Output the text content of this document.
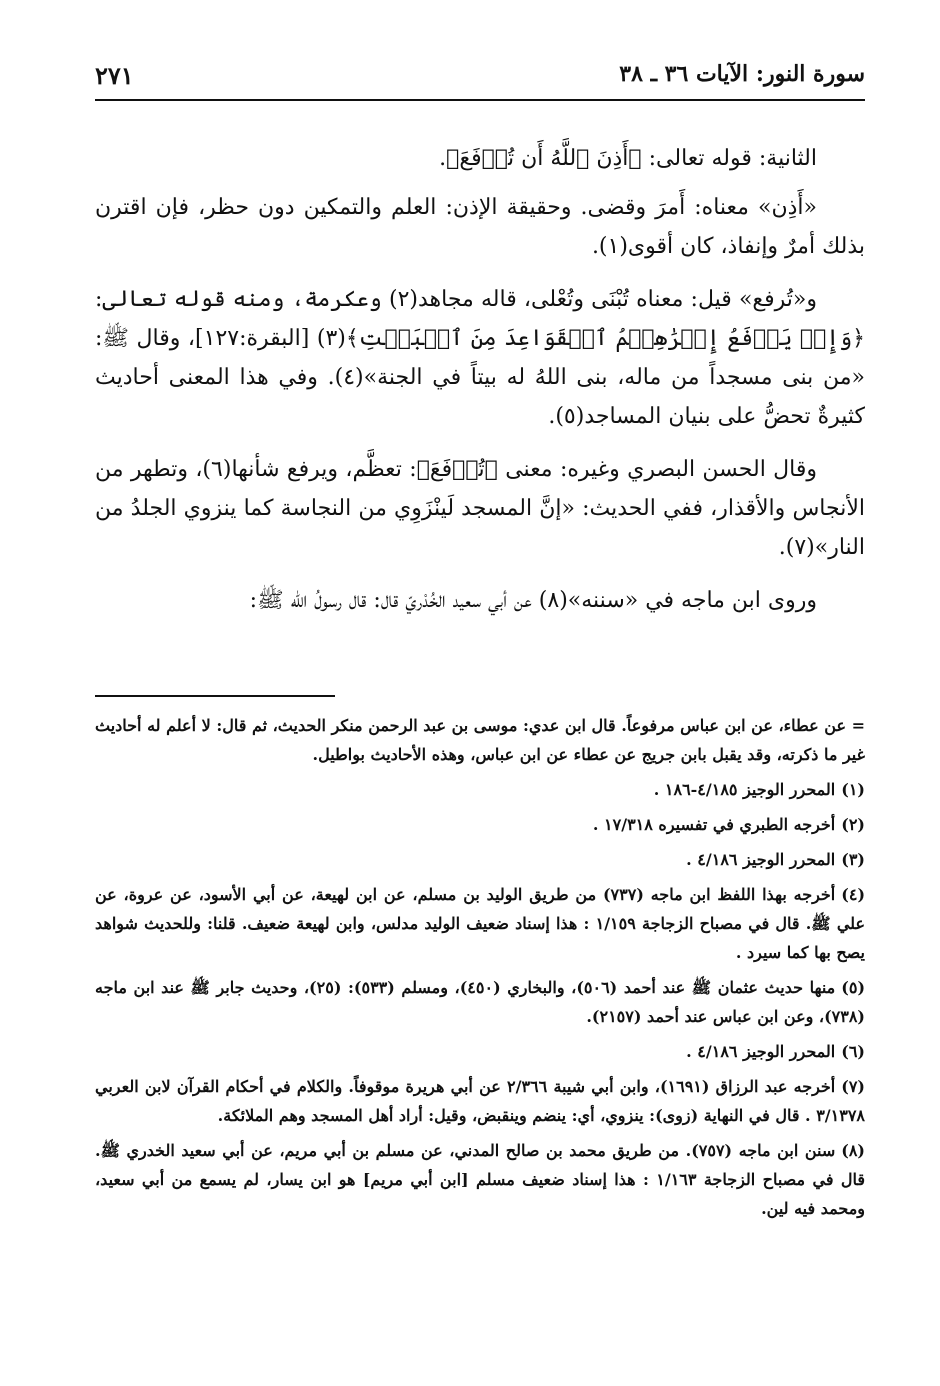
سورة النور: الآيات ٣٦ ـ ٣٨
٢٧١

الثانية: قوله تعالى: ﴿أَذِنَ ٱللَّهُ أَن تُرۡفَعَ﴾.

«أَذِن» معناه: أَمرَ وقضى. وحقيقة الإذن: العلم والتمكين دون حظر، فإن اقترن بذلك أمرٌ وإنفاذ، كان أقوى(١).

و«تُرفع» قيل: معناه تُبْنَى وتُعْلى، قاله مجاهد(٢) وعكرمة، ومنه قوله تعالى: ﴿وَإِذۡ يَرۡفَعُ إِبۡرَٰهِـۧمُ ٱلۡقَوَاعِدَ مِنَ ٱلۡبَيۡتِ﴾(٣) [البقرة:١٢٧]، وقال ﷺ: «من بنى مسجداً من ماله، بنى اللهُ له بيتاً في الجنة»(٤). وفي هذا المعنى أحاديث كثيرةٌ تحضُّ على بنيان المساجد(٥).

وقال الحسن البصري وغيره: معنى ﴿تُرۡفَعَ﴾: تعظَّم، ويرفع شأنها(٦)، وتطهر من الأنجاس والأقذار، ففي الحديث: «إنَّ المسجد لَينْزَوِي من النجاسة كما ينزوي الجلدُ من النار»(٧).

وروى ابن ماجه في «سننه»(٨) عن أبي سعيد الخُدْريّ قال: قال رسولُ الله ﷺ:

= عن عطاء، عن ابن عباس مرفوعاً. قال ابن عدي: موسى بن عبد الرحمن منكر الحديث، ثم قال: لا أعلم له أحاديث غير ما ذكرته، وقد يقبل بابن جريج عن عطاء عن ابن عباس، وهذه الأحاديث بواطيل.

(١)المحرر الوجيز ٤/١٨٥-١٨٦ .

(٢)أخرجه الطبري في تفسيره ١٧/٣١٨ .

(٣)المحرر الوجيز ٤/١٨٦ .

(٤)أخرجه بهذا اللفظ ابن ماجه (٧٣٧) من طريق الوليد بن مسلم، عن ابن لهيعة، عن أبي الأسود، عن عروة، عن علي ﷺ. قال في مصباح الزجاجة ١/١٥٩ : هذا إسناد ضعيف الوليد مدلس، وابن لهيعة ضعيف. قلنا: وللحديث شواهد يصح بها كما سيرد .

(٥)منها حديث عثمان ﷺ عند أحمد (٥٠٦)، والبخاري (٤٥٠)، ومسلم (٥٣٣): (٢٥)، وحديث جابر ﷺ عند ابن ماجه (٧٣٨)، وعن ابن عباس عند أحمد (٢١٥٧).

(٦)المحرر الوجيز ٤/١٨٦ .

(٧)أخرجه عبد الرزاق (١٦٩١)، وابن أبي شيبة ٢/٣٦٦ عن أبي هريرة موقوفاً. والكلام في أحكام القرآن لابن العربي ٣/١٣٧٨ . قال في النهاية (زوى): ينزوي، أي: ينضم وينقبض، وقيل: أراد أهل المسجد وهم الملائكة.

(٨)سنن ابن ماجه (٧٥٧). من طريق محمد بن صالح المدني، عن مسلم بن أبي مريم، عن أبي سعيد الخدري ﷺ. قال في مصباح الزجاجة ١/١٦٣ : هذا إسناد ضعيف مسلم [ابن أبي مريم] هو ابن يسار، لم يسمع من أبي سعيد، ومحمد فيه لين.
